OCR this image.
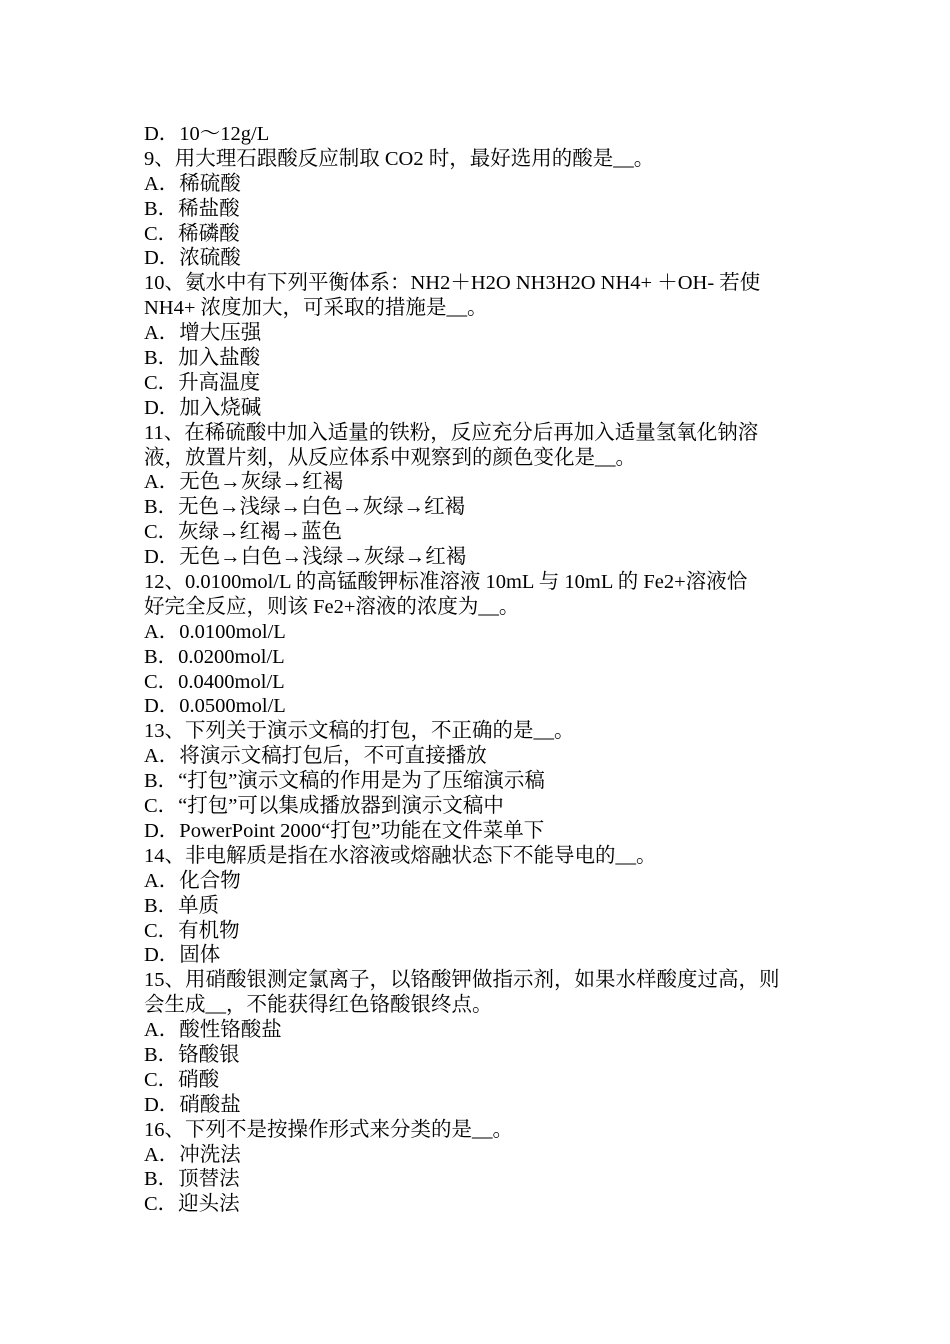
D．10～12g/L
9、用大理石跟酸反应制取 CO2 时，最好选用的酸是__。
A．稀硫酸
B．稀盐酸
C．稀磷酸
D．浓硫酸
10、氨水中有下列平衡体系：NH2＋H2O NH3H2O NH4+ ＋OH- 若使
NH4+ 浓度加大，可采取的措施是__。
A．增大压强
B．加入盐酸
C．升高温度
D．加入烧碱
11、在稀硫酸中加入适量的铁粉，反应充分后再加入适量氢氧化钠溶
液，放置片刻，从反应体系中观察到的颜色变化是__。
A．无色→灰绿→红褐
B．无色→浅绿→白色→灰绿→红褐
C．灰绿→红褐→蓝色
D．无色→白色→浅绿→灰绿→红褐
12、0.0100mol/L 的高锰酸钾标准溶液 10mL 与 10mL 的 Fe2+溶液恰
好完全反应，则该 Fe2+溶液的浓度为__。
A．0.0100mol/L
B．0.0200mol/L
C．0.0400mol/L
D．0.0500mol/L
13、下列关于演示文稿的打包，不正确的是__。
A．将演示文稿打包后，不可直接播放
B．“打包”演示文稿的作用是为了压缩演示稿
C．“打包”可以集成播放器到演示文稿中
D．PowerPoint 2000“打包”功能在文件菜单下
14、非电解质是指在水溶液或熔融状态下不能导电的__。
A．化合物
B．单质
C．有机物
D．固体
15、用硝酸银测定氯离子，以铬酸钾做指示剂，如果水样酸度过高，则
会生成__，不能获得红色铬酸银终点。
A．酸性铬酸盐
B．铬酸银
C．硝酸
D．硝酸盐
16、下列不是按操作形式来分类的是__。
A．冲洗法
B．顶替法
C．迎头法
